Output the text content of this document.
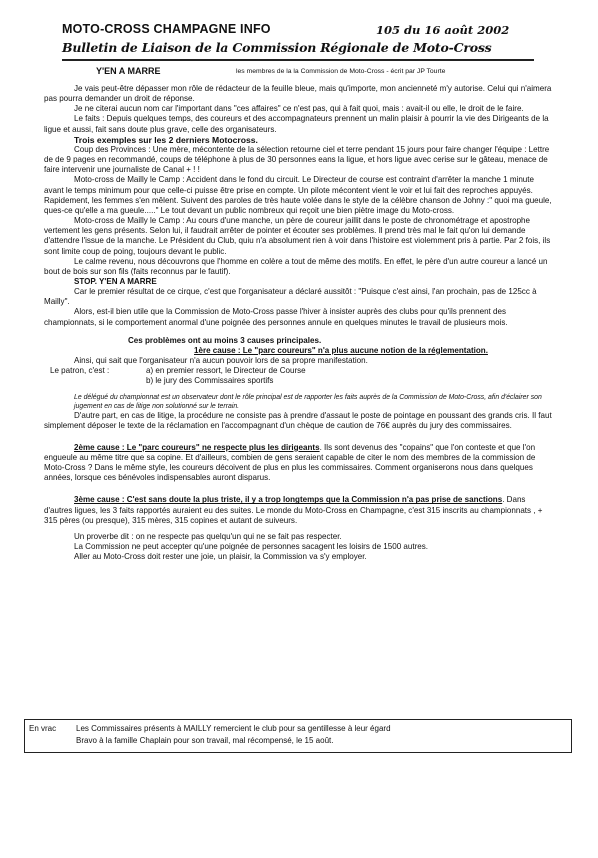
MOTO-CROSS CHAMPAGNE INFO	105 du 16 août 2002
Bulletin de Liaison de la Commission Régionale de Moto-Cross
Y'EN A MARRE	les membres de la la Commission de Moto-Cross - écrit par JP Tourte

Je vais peut-être dépasser mon rôle de rédacteur de la feuille bleue, mais qu'importe, mon ancienneté m'y autorise. Celui qui n'aimera pas pourra demander un droit de réponse.

Je ne citerai aucun nom car l'important dans "ces affaires" ce n'est pas, qui à fait quoi, mais : avait-il ou elle, le droit de le faire.

Le faits : Depuis quelques temps, des coureurs et des accompagnateurs prennent un malin plaisir à pourrir la vie des Dirigeants de la ligue et aussi, fait sans doute plus grave, celle des organisateurs.

Trois exemples sur les 2 derniers Motocross.

Coup des Provinces : Une mère, mécontente de la sélection retourne ciel et terre pendant 15 jours pour faire changer l'équipe : Lettre de de 9 pages en recommandé, coups de téléphone à plus de 30 personnes eans la ligue, et hors ligue avec cerise sur le gâteau, menace de faire intervenir une journaliste de Canal + ! !

Moto-cross de Mailly le Camp : Accident dans le fond du circuit. Le Directeur de course est contraint d'arrêter la manche 1 minute avant le temps minimum pour que celle-ci puisse être prise en compte. Un pilote mécontent vient le voir et lui fait des reproches appuyés. Rapidement, les femmes s'en mêlent. Suivent des paroles de très haute volée dans le style de la célèbre chanson de Johny :" quoi ma gueule, ques-ce qu'elle a ma gueule....." Le tout devant un public nombreux qui reçoit une bien piètre image du Moto-cross.

Moto-cross de Mailly le Camp : Au cours d'une manche, un père de coureur jaillit dans le poste de chronométrage et apostrophe vertement les gens présents. Selon lui, il faudrait arrêter de pointer et écouter ses problèmes. Il prend très mal le fait qu'on lui demande d'attendre l'issue de la manche. Le Président du Club, quiu n'a absolument rien à voir dans l'histoire est violemment pris à partie. Par 2 fois, ils sont limite coup de poing, toujours devant le public.

Le calme revenu, nous découvrons que l'homme en colère a tout de même des motifs. En effet, le père d'un autre coureur a lancé un bout de bois sur son fils (faits reconnus par le fautif).

STOP. Y'EN A MARRE

Car le premier résultat de ce cirque, c'est que l'organisateur a déclaré aussitôt : "Puisque c'est ainsi, l'an prochain, pas de 125cc à Mailly".

Alors, est-il bien utile que la Commission de Moto-Cross passe l'hiver à insister auprès des clubs pour qu'ils prennent des championnats, si le comportement anormal d'une poignée des personnes annule en quelques minutes le travail de plusieurs mois.

Ces problèmes ont au moins 3 causes principales.

1ère cause : Le "parc coureurs" n'a plus aucune notion de la réglementation.

Ainsi, qui sait que l'organisateur n'a aucun pouvoir lors de sa propre manifestation.

Le patron, c'est :	a) en premier ressort, le Directeur de Course
b) le jury des Commissaires sportifs

Le délégué du championnat est un observateur dont le rôle principal est de rapporter les faits auprès de la Commission de Moto-Cross, afin d'éclairer son jugement en cas de litige non solutionné sur le terrain.

D'autre part, en cas de litige, la procédure ne consiste pas à prendre d'assaut le poste de pointage en poussant des grands cris. Il faut simplement déposer le texte de la réclamation en l'accompagnant d'un chèque de caution de 76€ auprès du jury des commissaires.

2ème cause : Le "parc coureurs" ne respecte plus les dirigeants. Ils sont devenus des "copains" que l'on conteste et que l'on engueule au même titre que sa copine. Et d'ailleurs, combien de gens seraient capable de citer le nom des membres de la commission de Moto-Cross ? Dans le même style, les coureurs décoivent de plus en plus les commissaires. Comment organiserons nous dans quelques années, lorsque ces bénévoles indispensables auront disparus.

3ème cause : C'est sans doute la plus triste, il y a trop longtemps que la Commission n'a pas prise de sanctions. Dans d'autres ligues, les 3 faits rapportés auraient eu des suites. Le monde du Moto-Cross en Champagne, c'est 315 inscrits au championnats , + 315 pères (ou presque), 315 mères, 315 copines et autant de suiveurs.

Un proverbe dit : on ne respecte pas quelqu'un qui ne se fait pas respecter.

La Commission ne peut accepter qu'une poignée de personnes sacagent les loisirs de 1500 autres.

Aller au Moto-Cross doit rester une joie, un plaisir, la Commission va s'y employer.

En vrac Les Commissaires présents à MAILLY remercient le club pour sa gentillesse à leur égard
Bravo à la famille Chaplain pour son travail, mal récompensé, le 15 août.
